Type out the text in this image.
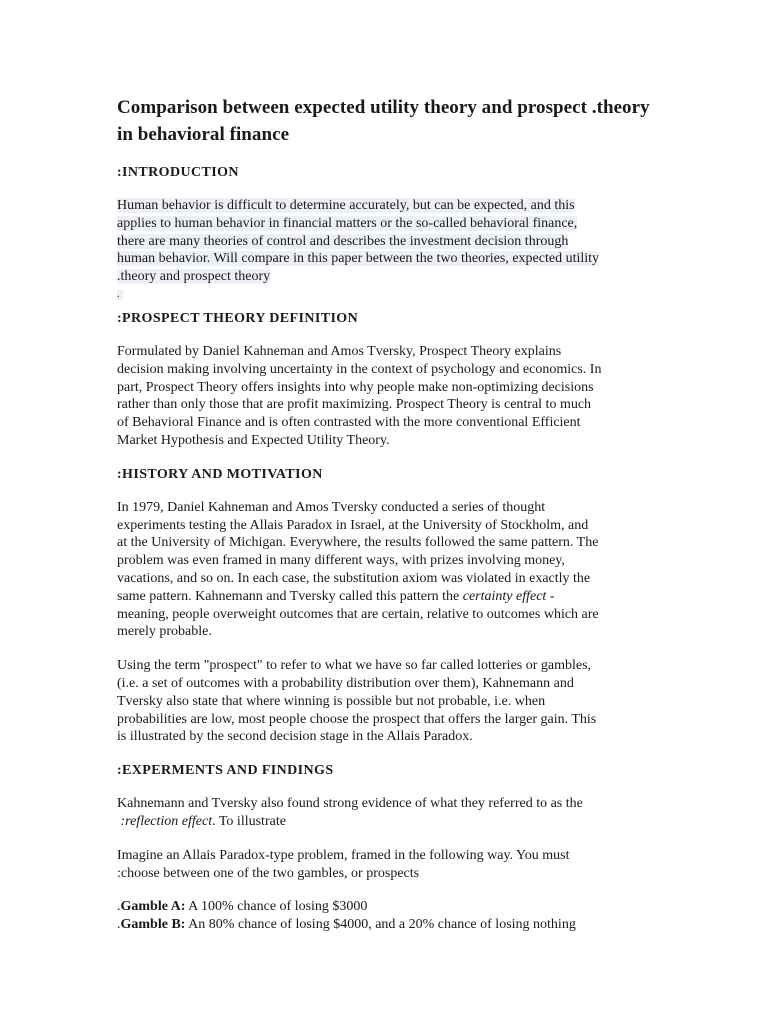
Comparison between expected utility theory and prospect .theory in behavioral finance
:INTRODUCTION
Human behavior is difficult to determine accurately, but can be expected, and this
applies to human behavior in financial matters or the so-called behavioral finance,
there are many theories of control and describes the investment decision through
human behavior. Will compare in this paper between the two theories, expected utility
.theory and prospect theory
.
:PROSPECT THEORY DEFINITION
Formulated by Daniel Kahneman and Amos Tversky, Prospect Theory explains
decision making involving uncertainty in the context of psychology and economics. In
part, Prospect Theory offers insights into why people make non-optimizing decisions
rather than only those that are profit maximizing. Prospect Theory is central to much
of Behavioral Finance and is often contrasted with the more conventional Efficient
Market Hypothesis and Expected Utility Theory.
:HISTORY AND MOTIVATION
In 1979, Daniel Kahneman and Amos Tversky conducted a series of thought
experiments testing the Allais Paradox in Israel, at the University of Stockholm, and
at the University of Michigan. Everywhere, the results followed the same pattern. The
problem was even framed in many different ways, with prizes involving money,
vacations, and so on. In each case, the substitution axiom was violated in exactly the
same pattern. Kahnemann and Tversky called this pattern the certainty effect -
meaning, people overweight outcomes that are certain, relative to outcomes which are
merely probable.
Using the term "prospect" to refer to what we have so far called lotteries or gambles,
(i.e. a set of outcomes with a probability distribution over them), Kahnemann and
Tversky also state that where winning is possible but not probable, i.e. when
probabilities are low, most people choose the prospect that offers the larger gain. This
is illustrated by the second decision stage in the Allais Paradox.
:EXPERMENTS AND FINDINGS
Kahnemann and Tversky also found strong evidence of what they referred to as the
:reflection effect. To illustrate
Imagine an Allais Paradox-type problem, framed in the following way. You must
:choose between one of the two gambles, or prospects
.Gamble A: A 100% chance of losing $3000
.Gamble B: An 80% chance of losing $4000, and a 20% chance of losing nothing
